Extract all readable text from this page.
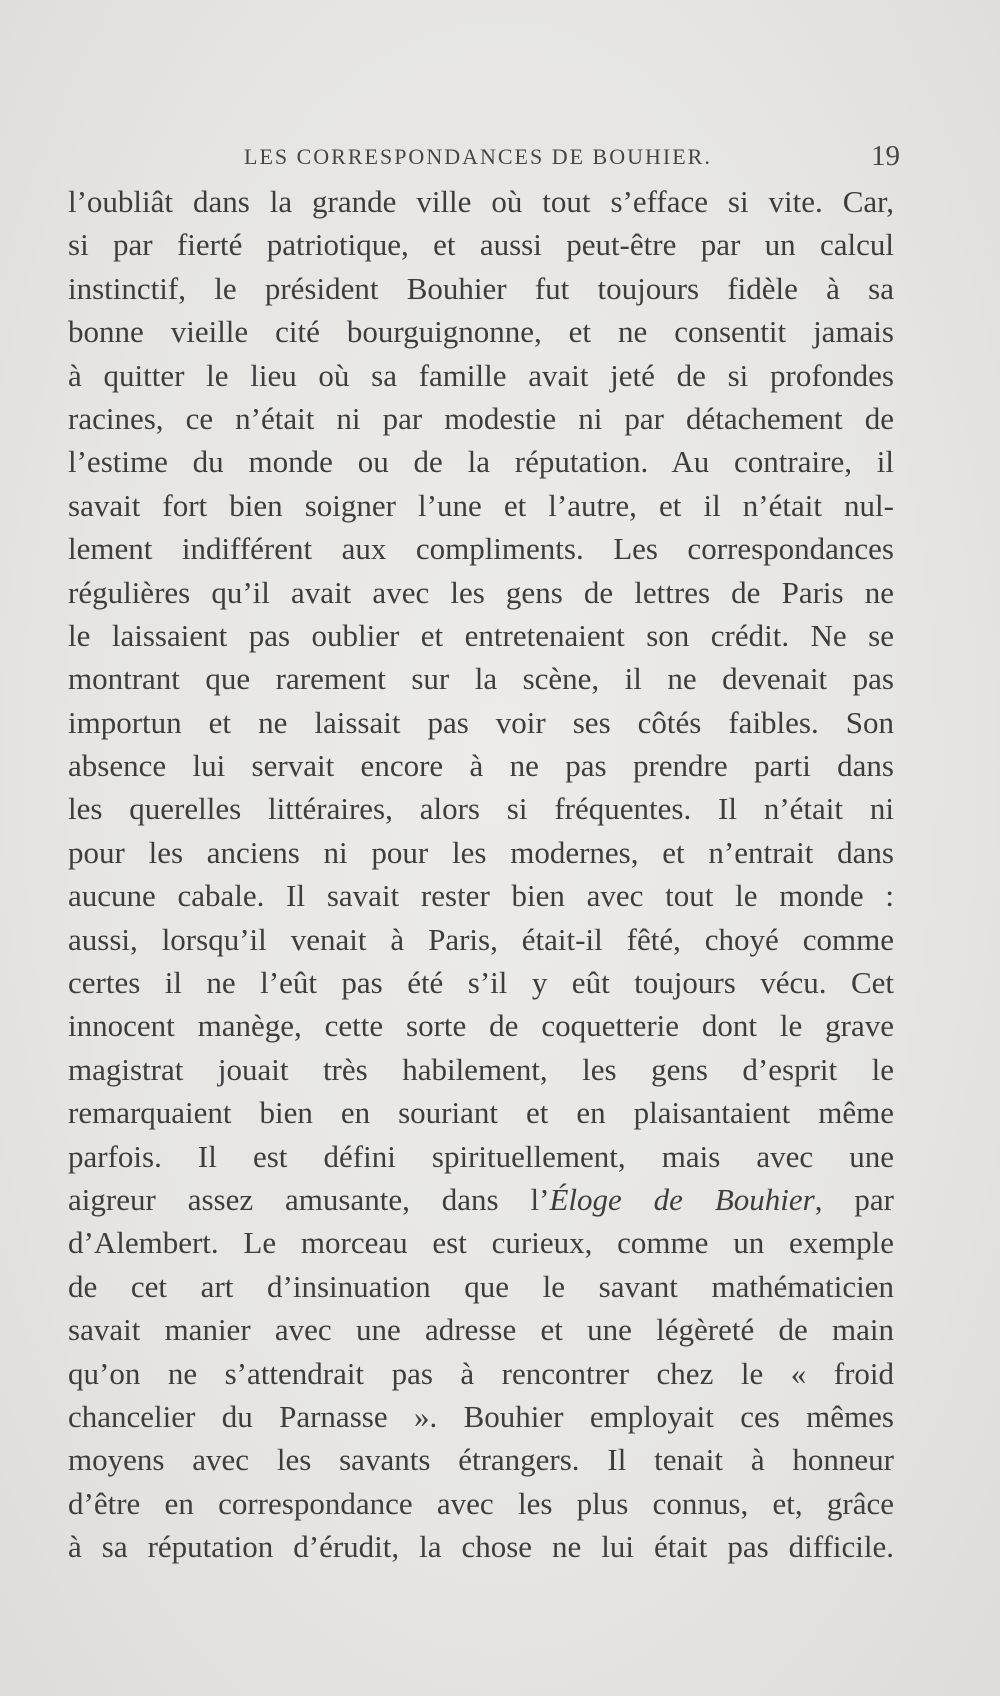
LES CORRESPONDANCES DE BOUHIER.	19
l’oubliât dans la grande ville où tout s’efface si vite. Car,
si par fierté patriotique, et aussi peut-être par un calcul
instinctif, le président Bouhier fut toujours fidèle à sa
bonne vieille cité bourguignonne, et ne consentit jamais
à quitter le lieu où sa famille avait jeté de si profondes
racines, ce n’était ni par modestie ni par détachement de
l’estime du monde ou de la réputation. Au contraire, il
savait fort bien soigner l’une et l’autre, et il n’était nul-
lement indifférent aux compliments. Les correspondances
régulières qu’il avait avec les gens de lettres de Paris ne
le laissaient pas oublier et entretenaient son crédit. Ne se
montrant que rarement sur la scène, il ne devenait pas
importun et ne laissait pas voir ses côtés faibles. Son
absence lui servait encore à ne pas prendre parti dans
les querelles littéraires, alors si fréquentes. Il n’était ni
pour les anciens ni pour les modernes, et n’entrait dans
aucune cabale. Il savait rester bien avec tout le monde :
aussi, lorsqu’il venait à Paris, était-il fêté, choyé comme
certes il ne l’eût pas été s’il y eût toujours vécu. Cet
innocent manège, cette sorte de coquetterie dont le grave
magistrat jouait très habilement, les gens d’esprit le
remarquaient bien en souriant et en plaisantaient même
parfois. Il est défini spirituellement, mais avec une
aigreur assez amusante, dans l’Éloge de Bouhier, par
d’Alembert. Le morceau est curieux, comme un exemple
de cet art d’insinuation que le savant mathématicien
savait manier avec une adresse et une légèreté de main
qu’on ne s’attendrait pas à rencontrer chez le « froid
chancelier du Parnasse ». Bouhier employait ces mêmes
moyens avec les savants étrangers. Il tenait à honneur
d’être en correspondance avec les plus connus, et, grâce
à sa réputation d’érudit, la chose ne lui était pas difficile.
